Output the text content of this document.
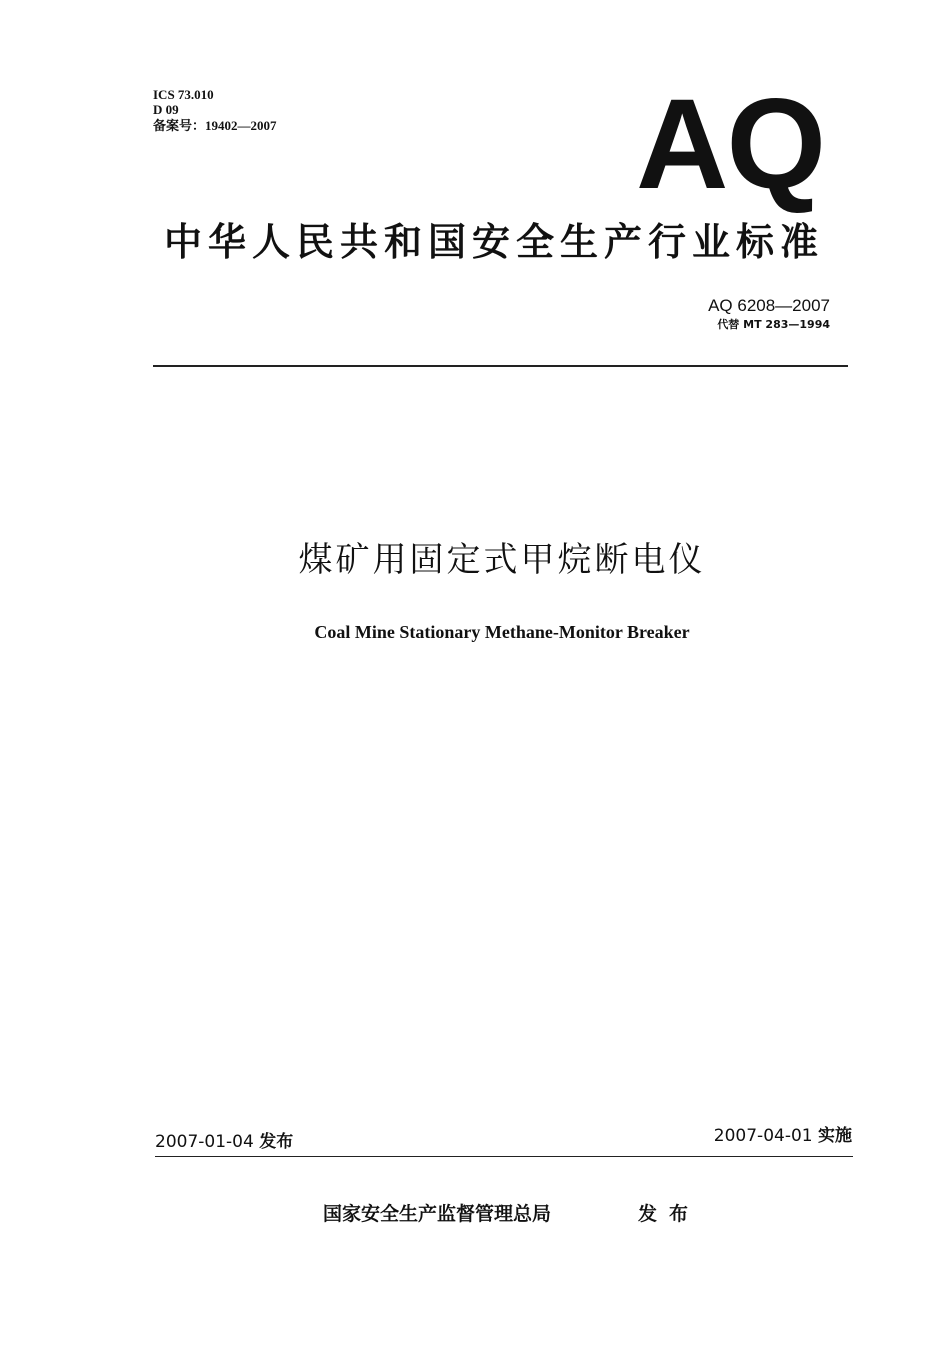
ICS 73.010
D 09
备案号：19402—2007	AQ
中华人民共和国安全生产行业标准
AQ 6208—2007
代替 MT 283—1994
煤矿用固定式甲烷断电仪
Coal Mine Stationary Methane-Monitor Breaker
2007-01-04 发布	2007-04-01 实施
国家安全生产监督管理总局	发布
